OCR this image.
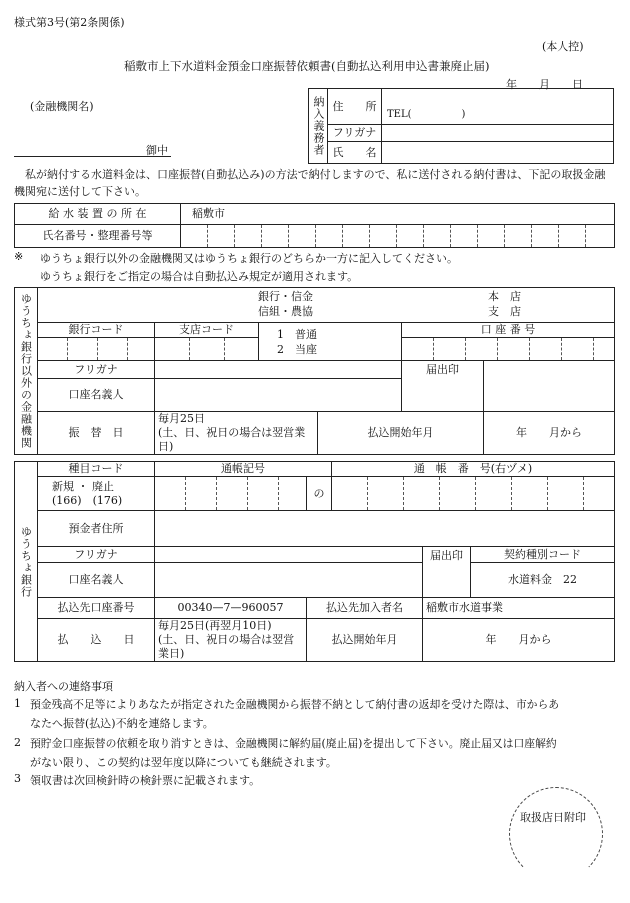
様式第3号(第2条関係)
(本人控)
稲敷市上下水道料金預金口座振替依頼書(自動払込利用申込書兼廃止届)
年　　月　　日
(金融機関名)
御中	納入義務者	住　　所	TEL(　　　　　)
	フリガナ	
	氏　　名	
私が納付する水道料金は、口座振替(自動払込み)の方法で納付しますので、私に送付される納付書は、下記の取扱金融機関宛に送付して下さい。
給 水 装 置 の 所 在	稲敷市
氏名番号・整理番号等	
※ ゆうちょ銀行以外の金融機関又はゆうちょ銀行のどちらか一方に記入してください。
ゆうちょ銀行をご指定の場合は自動払込み規定が適用されます。
ゆうちょ銀行以外の金融機関	銀行・信金
信組・農協
本　店
支　店					

	銀行コード	支店コード	1　普通
2　当座		口 座 番 号	

	フリガナ				届出印	
	口座名義人					
	振　替　日	毎月25日
(土、日、祝日の場合は翌営業日)		払込開始年月		年　　月から
ゆうちょ銀行	種目コード	通帳記号		通　帳　番　号(右ヅメ)		

	新規 ・ 廃止
(166)　(176)		の			

	預金者住所					
	フリガナ				届出印	契約種別コード
	口座名義人					水道料金　22
	払込先口座番号	00340—7—960057	払込先加入者名		稲敷市水道事業	
	払　　込　　日	毎月25日(再翌月10日)
(土、日、祝日の場合は翌営業日)	払込開始年月		年　　月から	
納入者への連絡事項
1 預金残高不足等によりあなたが指定された金融機関から振替不納として納付書の返却を受けた際は、市からあ
なたへ振替(払込)不納を連絡します。
2 預貯金口座振替の依頼を取り消すときは、金融機関に解約届(廃止届)を提出して下さい。廃止届又は口座解約
がない限り、この契約は翌年度以降についても継続されます。
3 領収書は次回検針時の検針票に記載されます。
取扱店日附印
